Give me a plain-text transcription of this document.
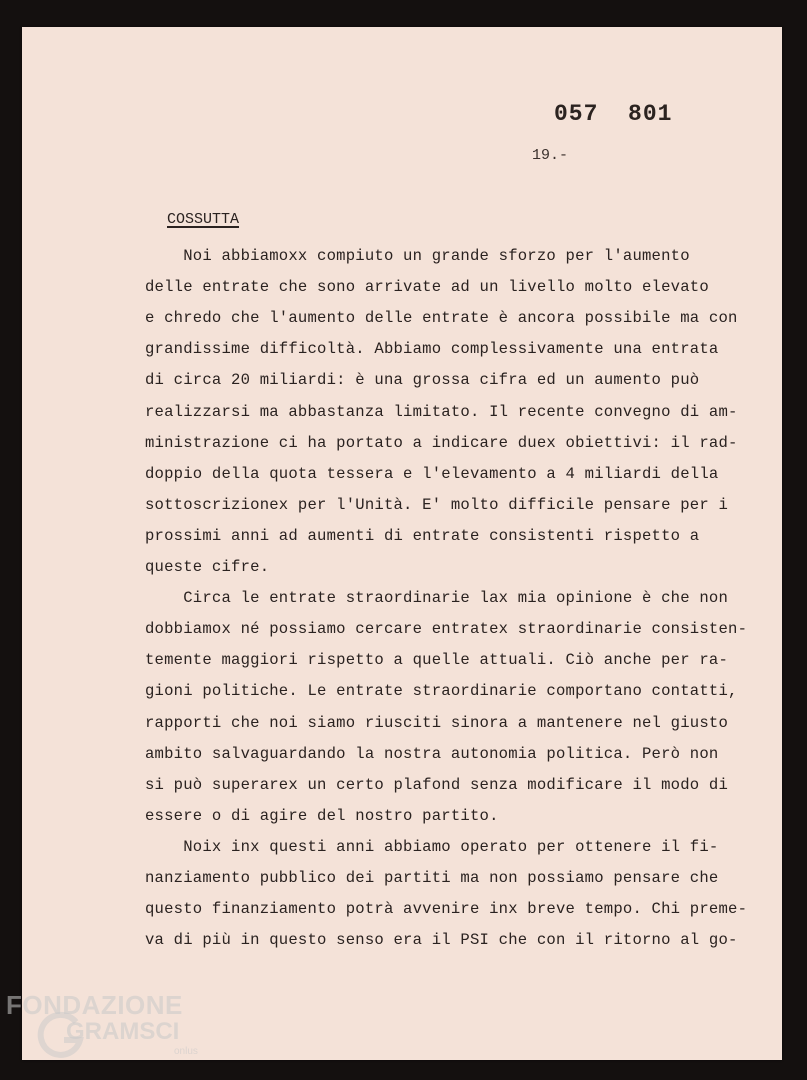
057  801
19.-
COSSUTTA
Noi abbiamoxx compiuto un grande sforzo per l'aumento
delle entrate che sono arrivate ad un livello molto elevato
e chredo che l'aumento delle entrate è ancora possibile ma con
grandissime difficoltà. Abbiamo complessivamente una entrata
di circa 20 miliardi: è una grossa cifra ed un aumento può
realizzarsi ma abbastanza limitato. Il recente convegno di am-
ministrazione ci ha portato a indicare duex obiettivi: il rad-
doppio della quota tessera e l'elevamento a 4 miliardi della
sottoscrizionex per l'Unità. E' molto difficile pensare per i
prossimi anni ad aumenti di entrate consistenti rispetto a
queste cifre.
Circa le entrate straordinarie lax mia opinione è che non
dobbiamox né possiamo cercare entratex straordinarie consisten-
temente maggiori rispetto a quelle attuali. Ciò anche per ra-
gioni politiche. Le entrate straordinarie comportano contatti,
rapporti che noi siamo riusciti sinora a mantenere nel giusto
ambito salvaguardando la nostra autonomia politica. Però non
si può superarex un certo plafond senza modificare il modo di
essere o di agire del nostro partito.
Noix inx questi anni abbiamo operato per ottenere il fi-
nanziamento pubblico dei partiti ma non possiamo pensare che
questo finanziamento potrà avvenire inx breve tempo. Chi preme-
va di più in questo senso era il PSI che con il ritorno al go-
FONDAZIONE
GRAMSCI
onlus
